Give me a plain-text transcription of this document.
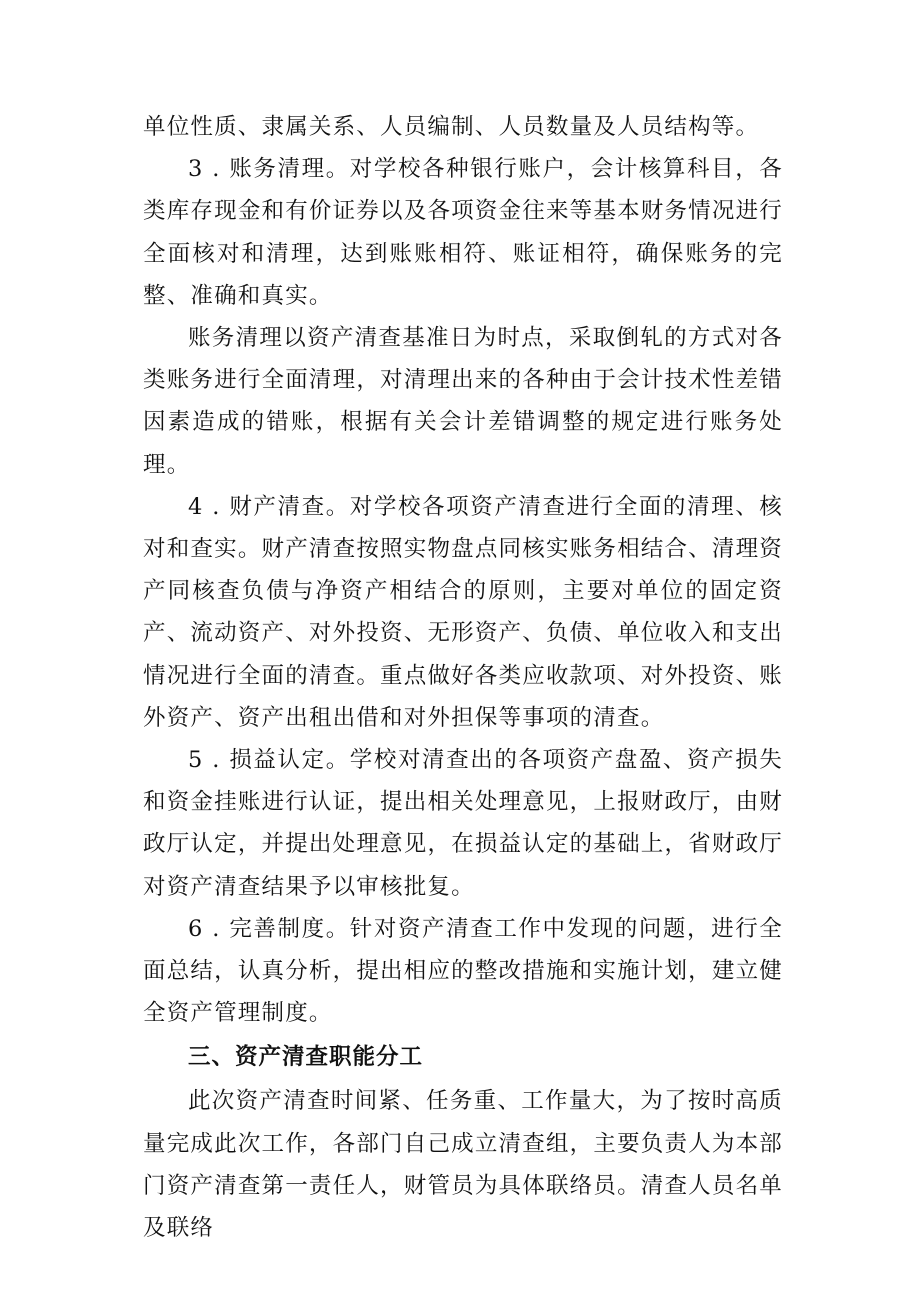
单位性质、隶属关系、人员编制、人员数量及人员结构等。

3 . 账务清理。对学校各种银行账户，会计核算科目，各类库存现金和有价证券以及各项资金往来等基本财务情况进行全面核对和清理，达到账账相符、账证相符，确保账务的完整、准确和真实。

账务清理以资产清查基准日为时点，采取倒轧的方式对各类账务进行全面清理，对清理出来的各种由于会计技术性差错因素造成的错账，根据有关会计差错调整的规定进行账务处理。

4 . 财产清查。对学校各项资产清查进行全面的清理、核对和查实。财产清查按照实物盘点同核实账务相结合、清理资产同核查负债与净资产相结合的原则，主要对单位的固定资产、流动资产、对外投资、无形资产、负债、单位收入和支出情况进行全面的清查。重点做好各类应收款项、对外投资、账外资产、资产出租出借和对外担保等事项的清查。

5 . 损益认定。学校对清查出的各项资产盘盈、资产损失和资金挂账进行认证，提出相关处理意见，上报财政厅，由财政厅认定，并提出处理意见，在损益认定的基础上，省财政厅对资产清查结果予以审核批复。

6 . 完善制度。针对资产清查工作中发现的问题，进行全面总结，认真分析，提出相应的整改措施和实施计划，建立健全资产管理制度。

三、资产清查职能分工

此次资产清查时间紧、任务重、工作量大，为了按时高质量完成此次工作，各部门自己成立清查组，主要负责人为本部门资产清查第一责任人，财管员为具体联络员。清查人员名单及联络
